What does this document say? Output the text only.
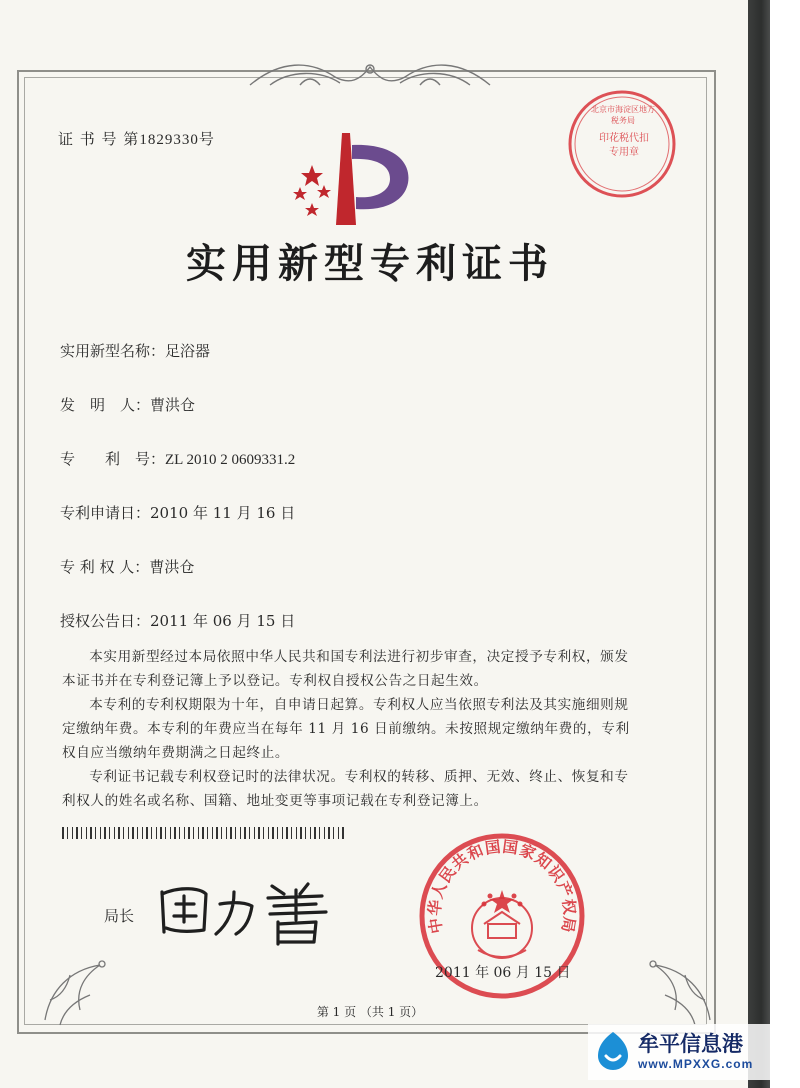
证 书 号 第1829330号
北京市海淀区地方税务局
印花税代扣专用章
实用新型专利证书
实用新型名称：足浴器
发　明　人：曹洪仓
专　　利　号：ZL 2010 2 0609331.2
专利申请日：2010 年 11 月 16 日
专 利 权 人：曹洪仓
授权公告日：2011 年 06 月 15 日

本实用新型经过本局依照中华人民共和国专利法进行初步审查，决定授予专利权，颁发本证书并在专利登记簿上予以登记。专利权自授权公告之日起生效。

本专利的专利权期限为十年，自申请日起算。专利权人应当依照专利法及其实施细则规定缴纳年费。本专利的年费应当在每年 11 月 16 日前缴纳。未按照规定缴纳年费的，专利权自应当缴纳年费期满之日起终止。

专利证书记载专利权登记时的法律状况。专利权的转移、质押、无效、终止、恢复和专利权人的姓名或名称、国籍、地址变更等事项记载在专利登记簿上。

局长	中华人民共和国国家知识产权局
2011 年 06 月 15 日
第 1 页 （共 1 页）
牟平信息港
www.MPXXG.com
